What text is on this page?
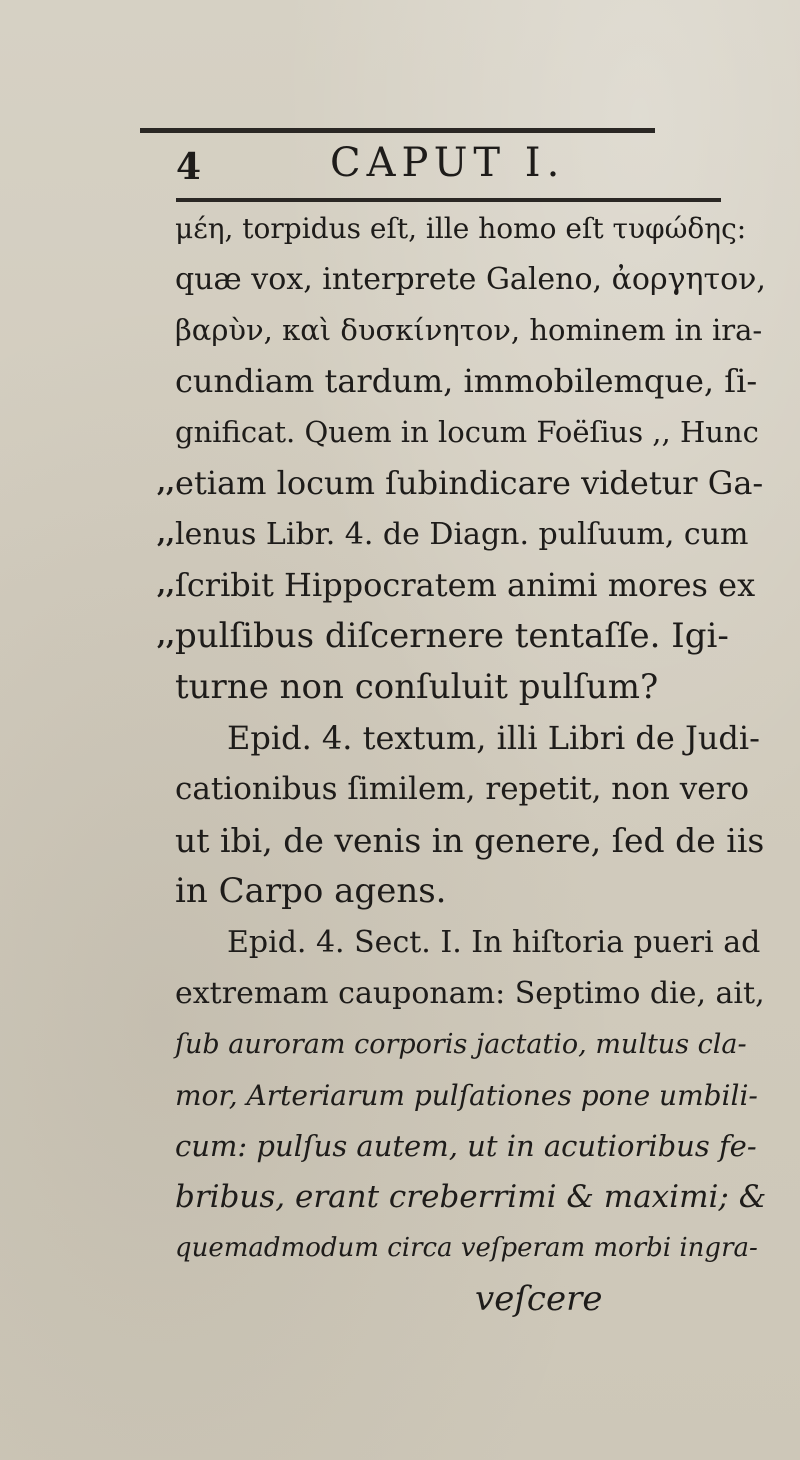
4	CAPUT I.
μέη, torpidus eſt, ille homo eſt τυφώδης:
quæ vox, interprete Galeno, ἀοργητον,
βαρὺν, καὶ δυσκίνητον, hominem in ira-
cundiam tardum, immobilemque, ſi-
gnificat. Quem in locum Foëſius ,, Hunc
,, etiam locum ſubindicare videtur Ga-
,, lenus Libr. 4. de Diagn. pulſuum, cum
,, ſcribit Hippocratem animi mores ex
,, pulſibus diſcernere tentaſſe. Igi-
turne non conſuluit pulſum?
Epid. 4. textum, illi Libri de Judi-
cationibus ſimilem, repetit, non vero
ut ibi, de venis in genere, ſed de iis
in Carpo agens.
Epid. 4. Sect. I. In hiſtoria pueri ad
extremam cauponam: Septimo die, ait,
ſub auroram corporis jactatio, multus cla-
mor, Arteriarum pulſationes pone umbili-
cum: pulſus autem, ut in acutioribus fe-
bribus, erant creberrimi & maximi; &
quemadmodum circa veſperam morbi ingra-
veſcere
